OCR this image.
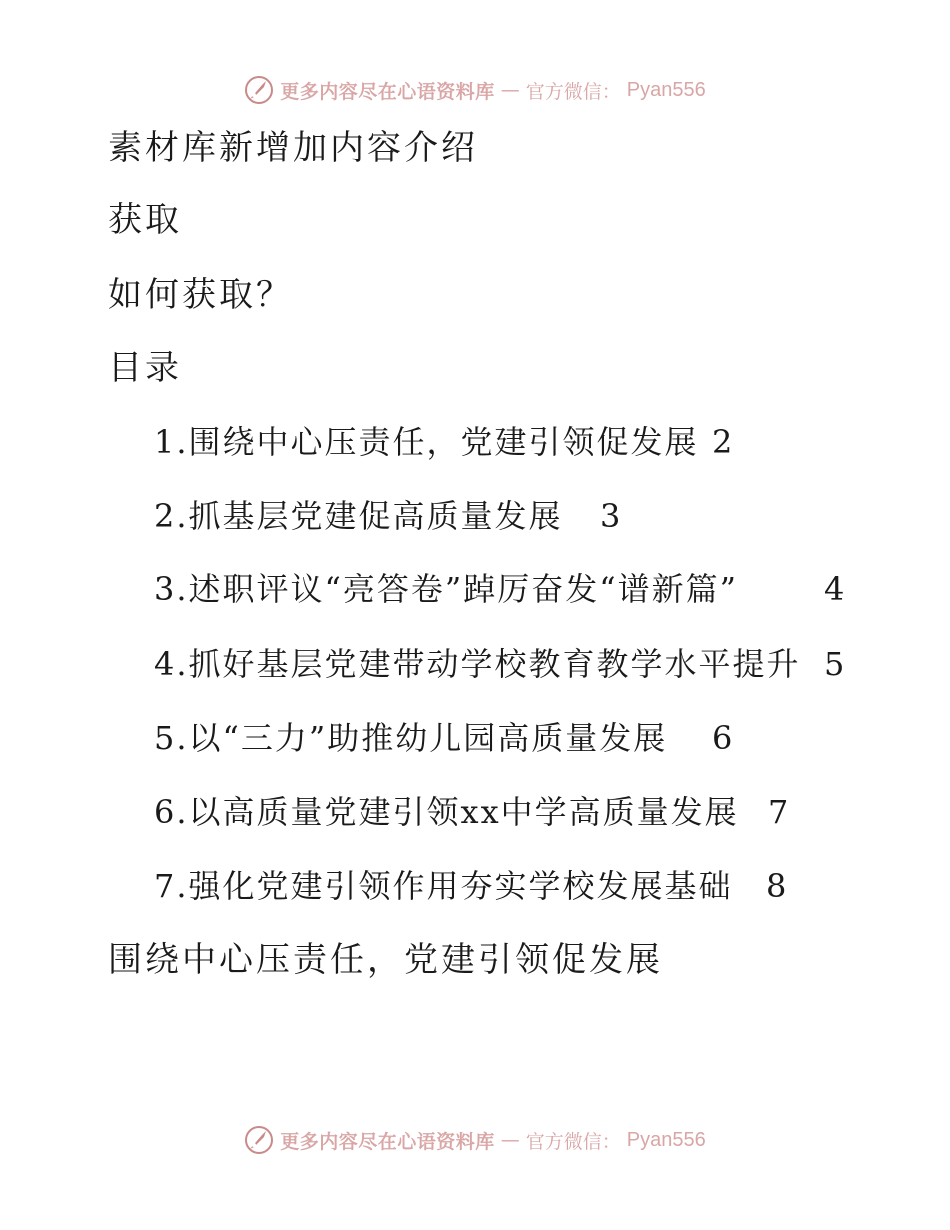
更多内容尽在心语资料库 — 官方微信： Pyan556
素材库新增加内容介绍
获取
如何获取？
目录
1.围绕中心压责任，党建引领促发展 2
2.抓基层党建促高质量发展 3
3.述职评议“亮答卷”踔厉奋发“谱新篇”	4
4.抓好基层党建带动学校教育教学水平提升 5
5.以“三力”助推幼儿园高质量发展 6
6.以高质量党建引领xx中学高质量发展 7
7.强化党建引领作用夯实学校发展基础 8
围绕中心压责任，党建引领促发展
更多内容尽在心语资料库 — 官方微信： Pyan556
